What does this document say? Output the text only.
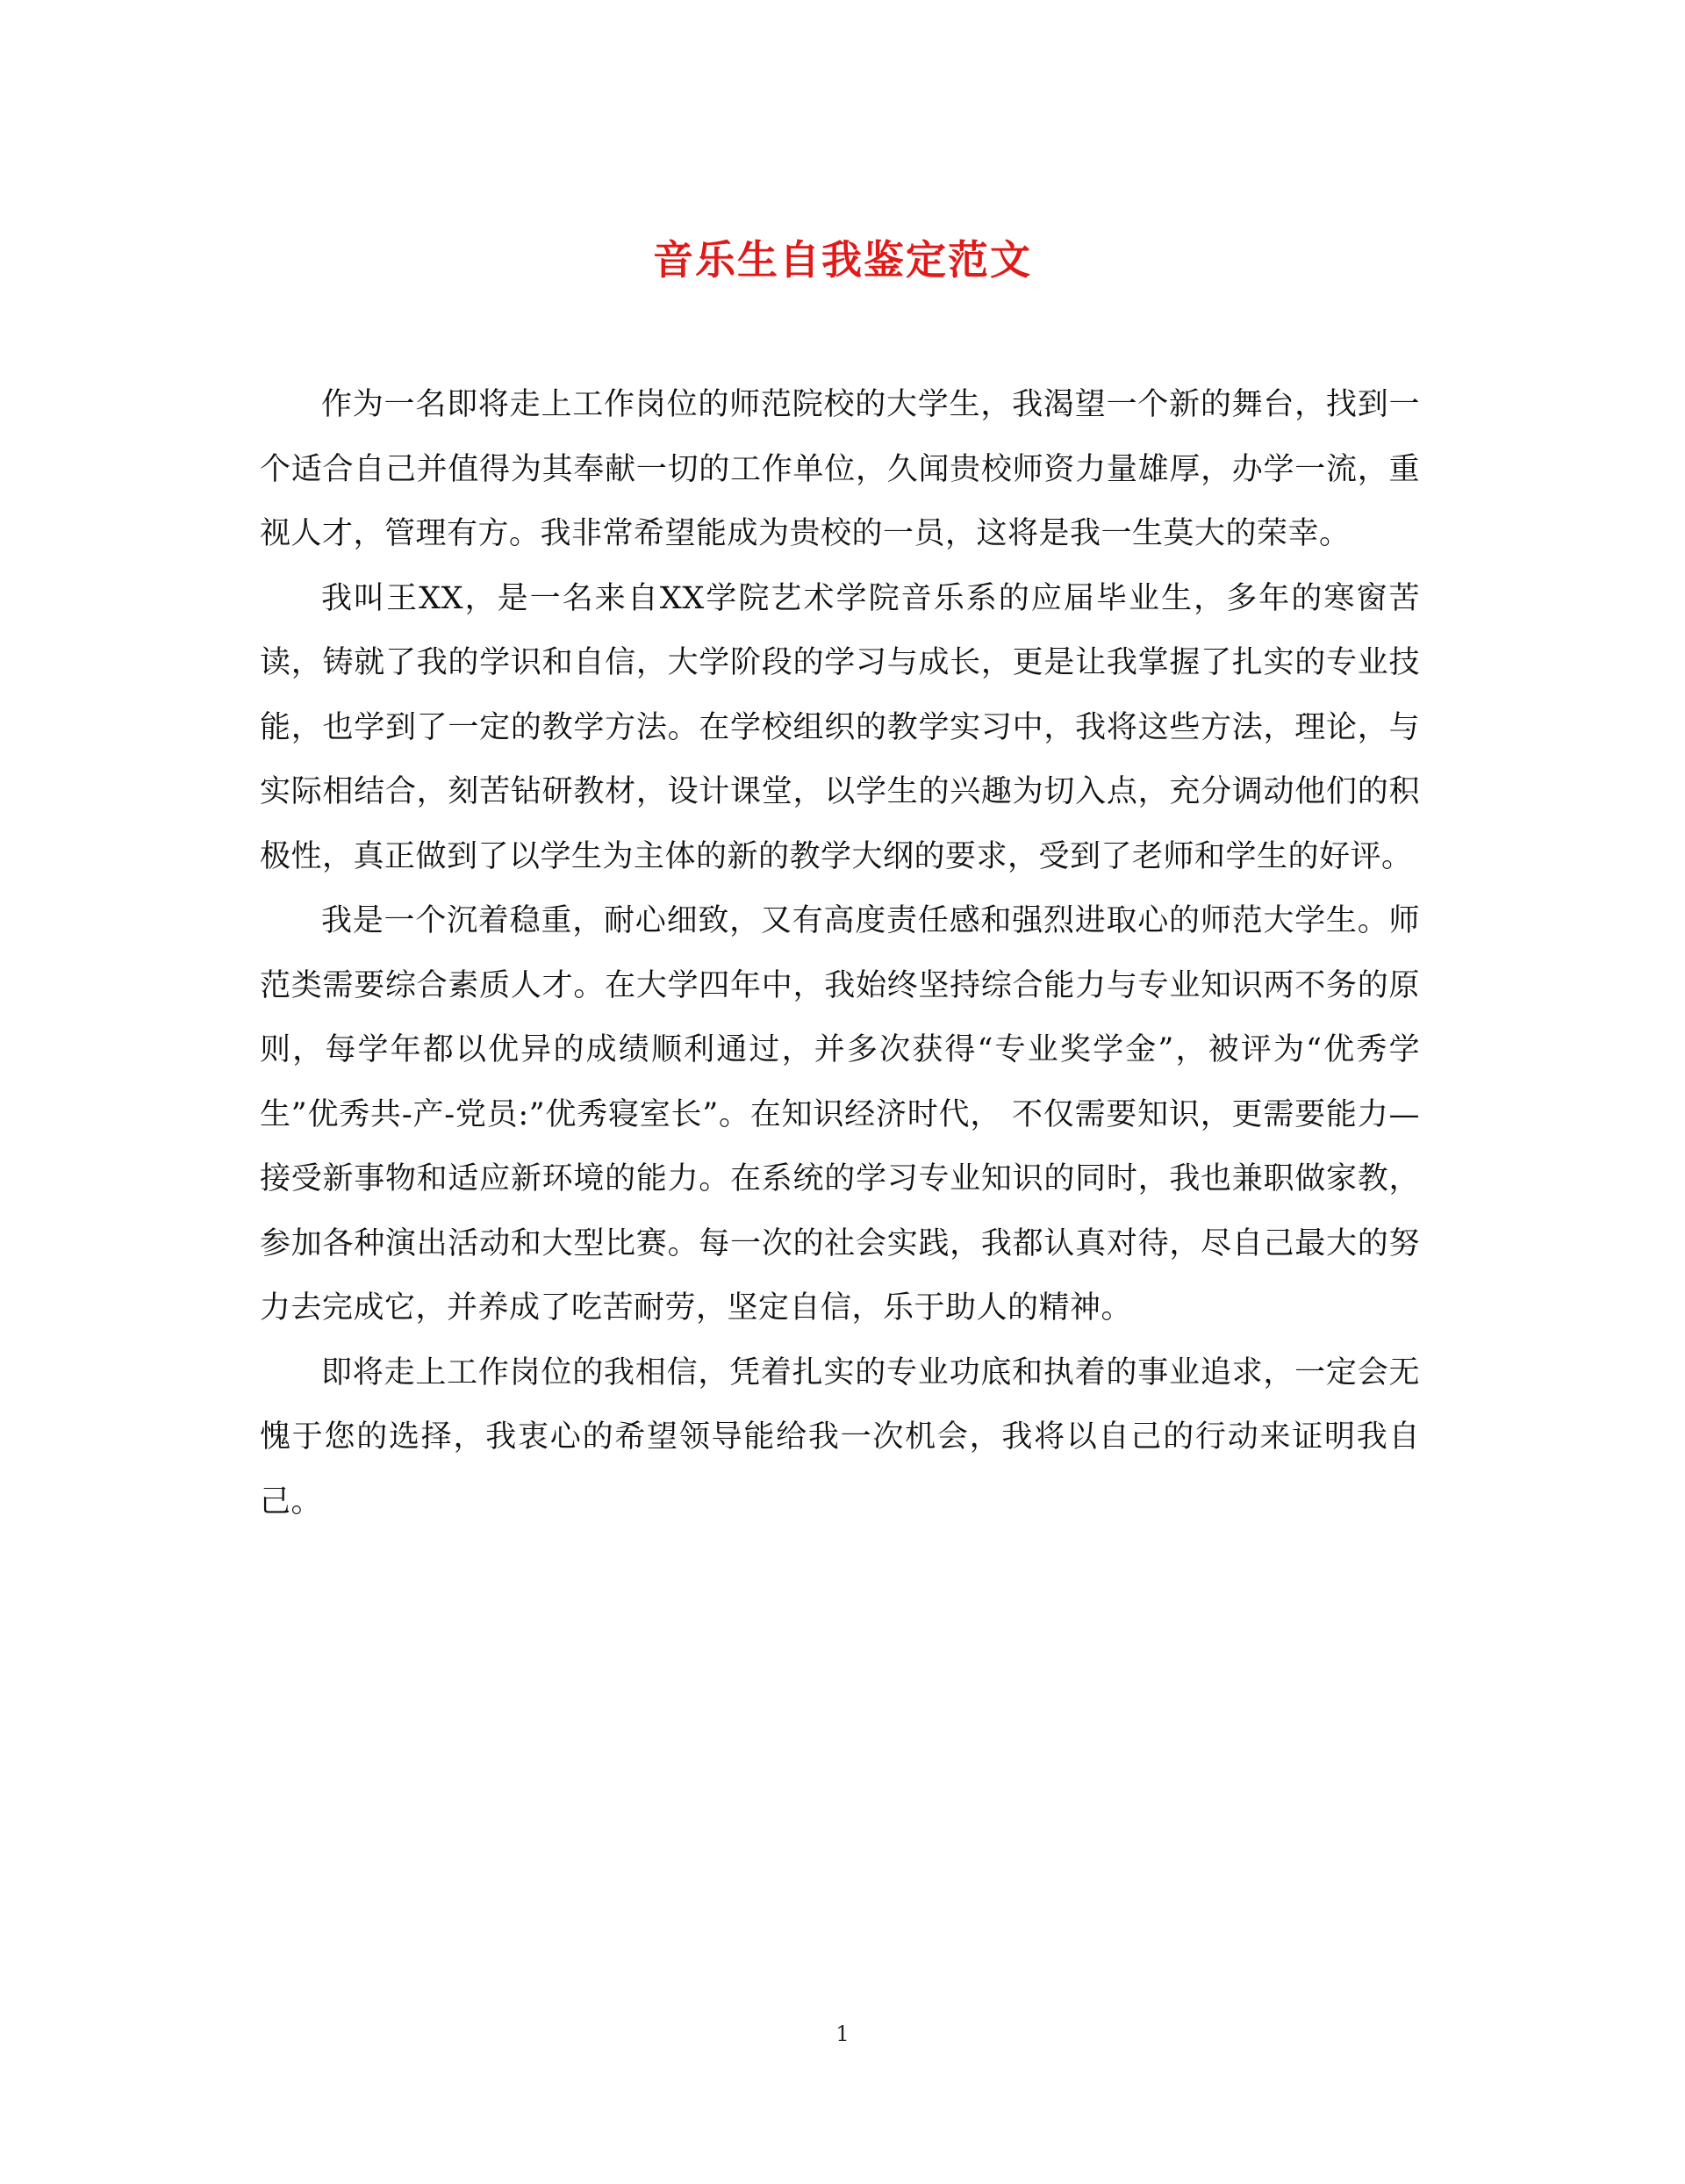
音乐生自我鉴定范文

作为一名即将走上工作岗位的师范院校的大学生，我渴望一个新的舞台，找到一个适合自己并值得为其奉献一切的工作单位，久闻贵校师资力量雄厚，办学一流，重视人才，管理有方。我非常希望能成为贵校的一员，这将是我一生莫大的荣幸。

我叫王XX，是一名来自XX学院艺术学院音乐系的应届毕业生，多年的寒窗苦读，铸就了我的学识和自信，大学阶段的学习与成长，更是让我掌握了扎实的专业技能，也学到了一定的教学方法。在学校组织的教学实习中，我将这些方法，理论，与实际相结合，刻苦钻研教材，设计课堂，以学生的兴趣为切入点，充分调动他们的积极性，真正做到了以学生为主体的新的教学大纲的要求，受到了老师和学生的好评。

我是一个沉着稳重，耐心细致，又有高度责任感和强烈进取心的师范大学生。师范类需要综合素质人才。在大学四年中，我始终坚持综合能力与专业知识两不务的原则，每学年都以优异的成绩顺利通过，并多次获得“专业奖学金”，被评为“优秀学生”优秀共-产-党员:”优秀寝室长”。在知识经济时代， 不仅需要知识，更需要能力—接受新事物和适应新环境的能力。在系统的学习专业知识的同时，我也兼职做家教，参加各种演出活动和大型比赛。每一次的社会实践，我都认真对待，尽自己最大的努力去完成它，并养成了吃苦耐劳，坚定自信，乐于助人的精神。

即将走上工作岗位的我相信，凭着扎实的专业功底和执着的事业追求，一定会无愧于您的选择，我衷心的希望领导能给我一次机会，我将以自己的行动来证明我自己。

1
